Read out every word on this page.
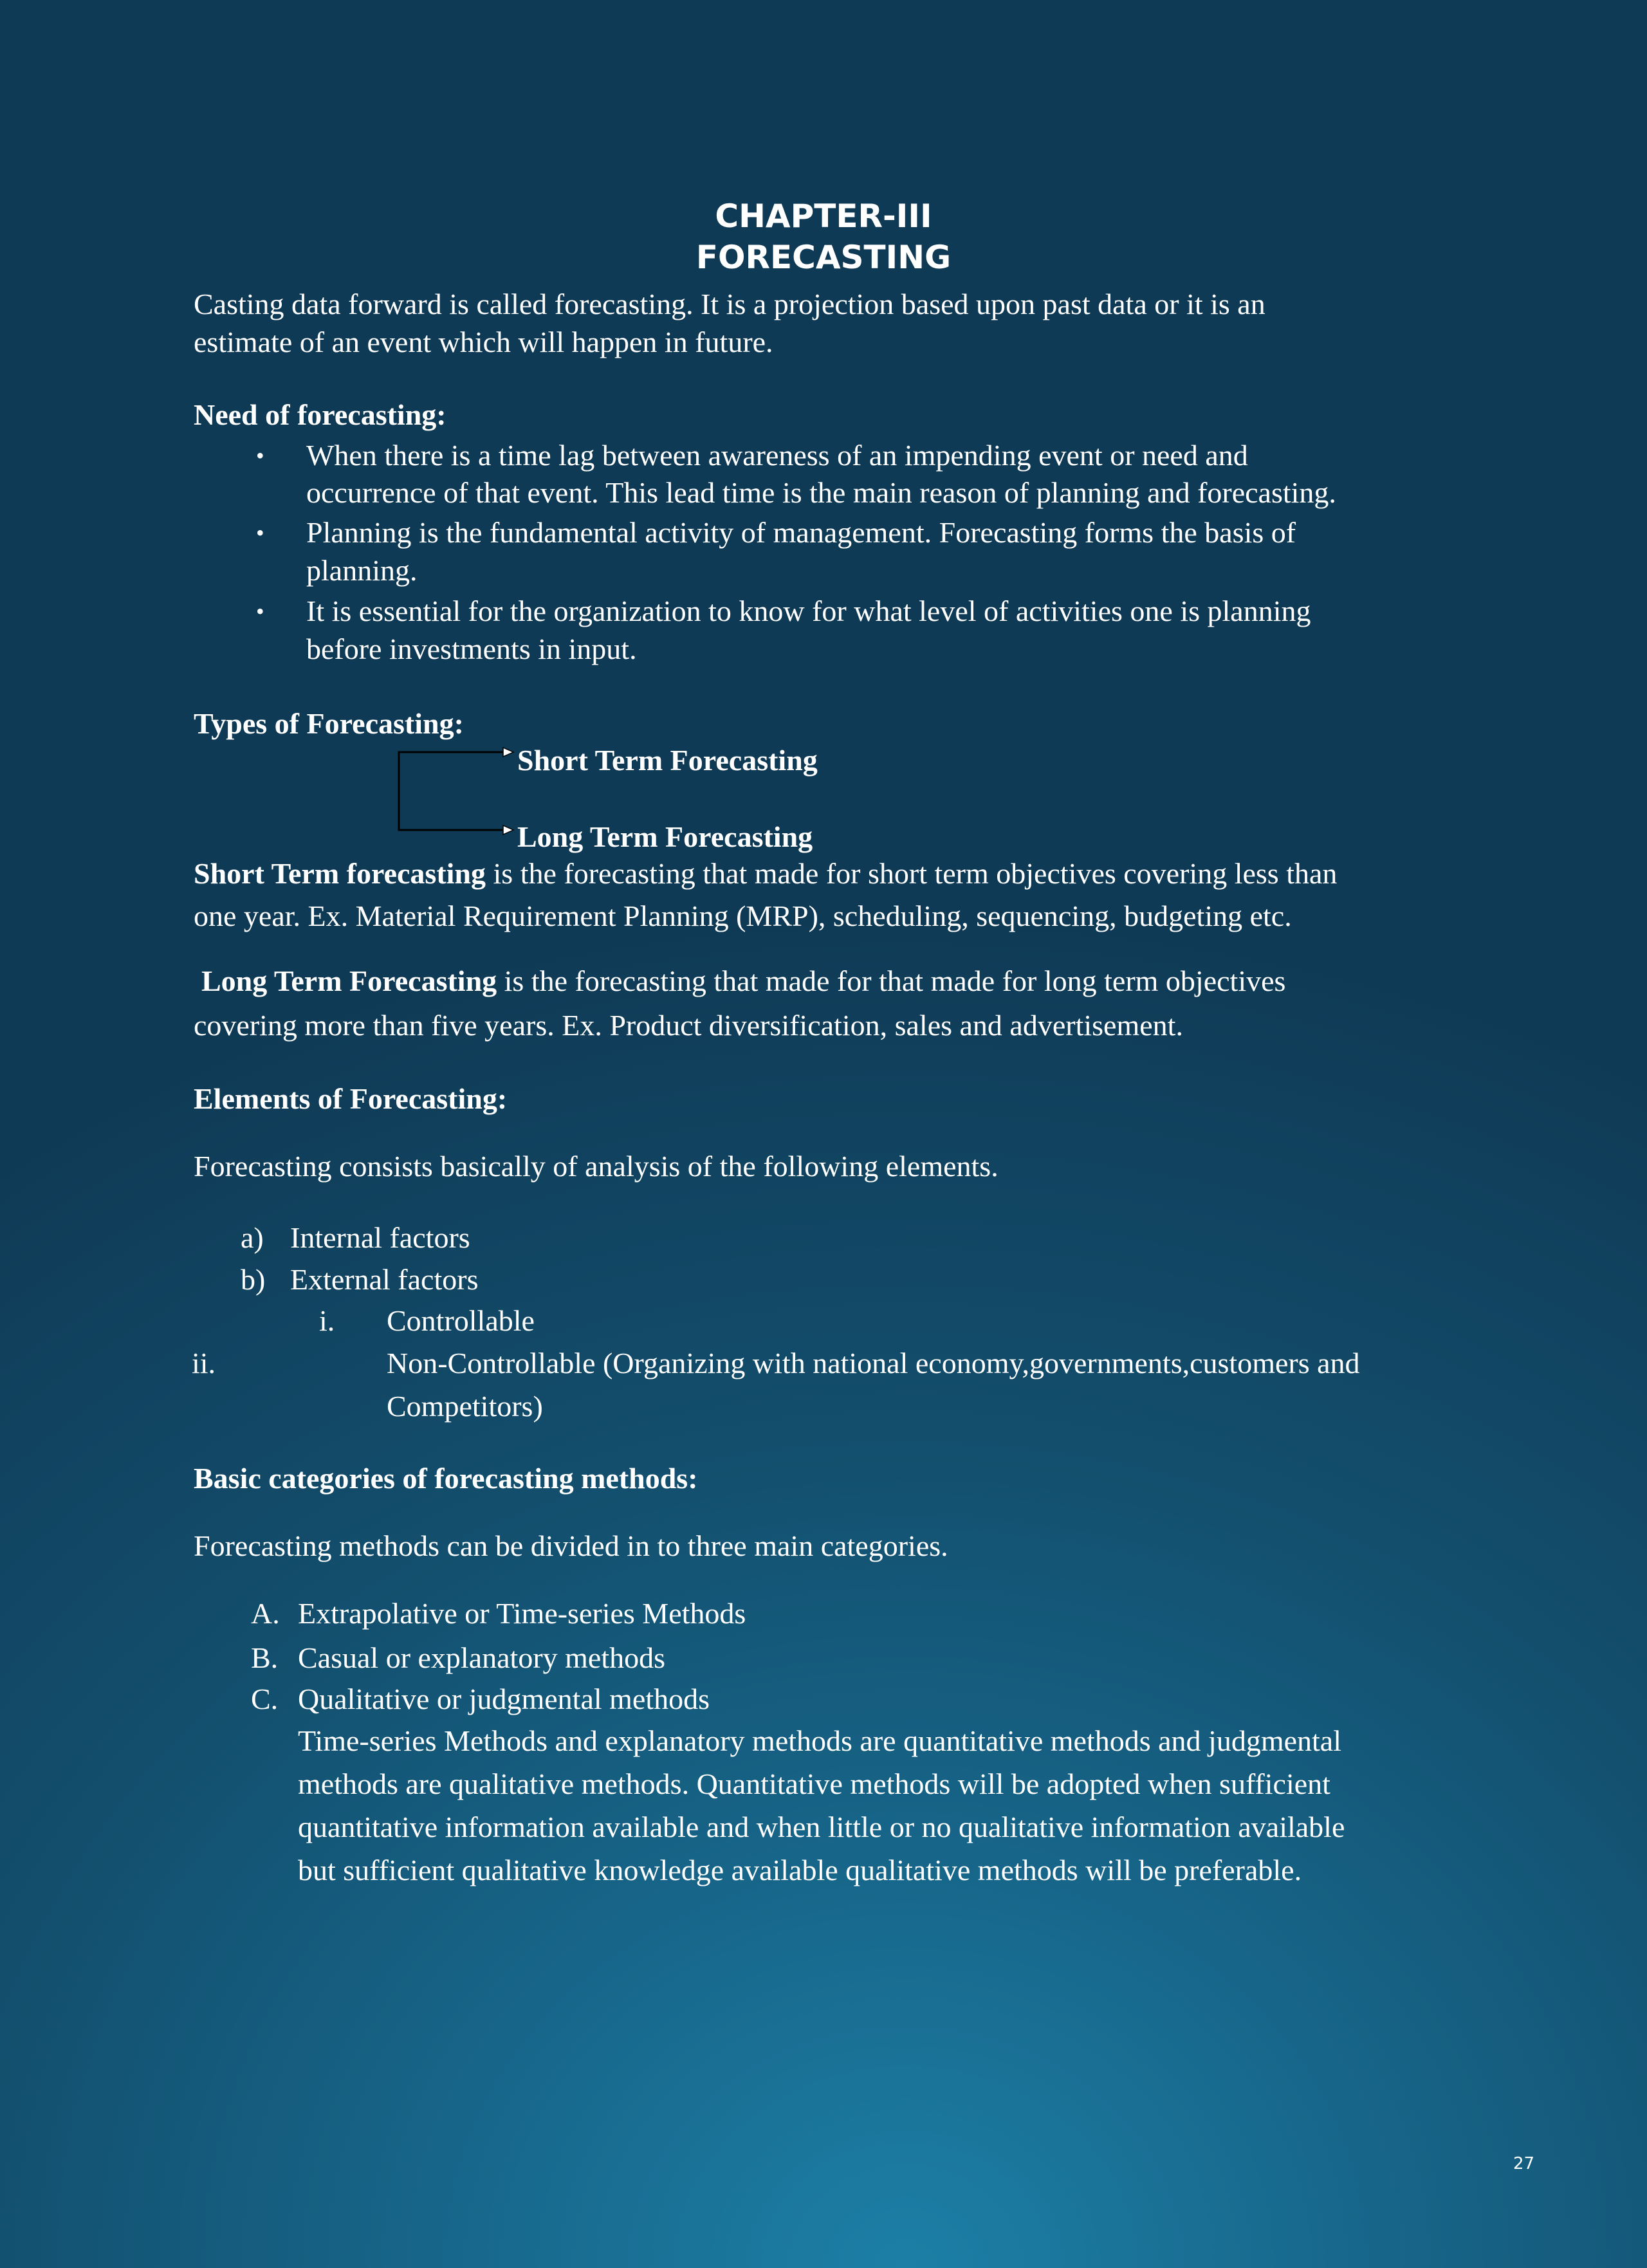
CHAPTER-III
FORECASTING
Casting data forward is called forecasting. It is a projection based upon past data or it is an
estimate of an event which will happen in future.
Need of forecasting:
• When there is a time lag between awareness of an impending event or need and
occurrence of that event. This lead time is the main reason of planning and forecasting.
• Planning is the fundamental activity of management. Forecasting forms the basis of
planning.
• It is essential for the organization to know for what level of activities one is planning
before investments in input.
Types of Forecasting:
Short Term Forecasting
Long Term Forecasting
Short Term forecasting is the forecasting that made for short term objectives covering less than
one year. Ex. Material Requirement Planning (MRP), scheduling, sequencing, budgeting etc.
Long Term Forecasting is the forecasting that made for that made for long term objectives
covering more than five years. Ex. Product diversification, sales and advertisement.
Elements of Forecasting:
Forecasting consists basically of analysis of the following elements.
a) Internal factors
b) External factors
i. Controllable
ii.	Non-Controllable (Organizing with national economy,governments,customers and
Competitors)
Basic categories of forecasting methods:
Forecasting methods can be divided in to three main categories.
A. Extrapolative or Time-series Methods
B. Casual or explanatory methods
C. Qualitative or judgmental methods
Time-series Methods and explanatory methods are quantitative methods and judgmental
methods are qualitative methods. Quantitative methods will be adopted when sufficient
quantitative information available and when little or no qualitative information available
but sufficient qualitative knowledge available qualitative methods will be preferable.
27
